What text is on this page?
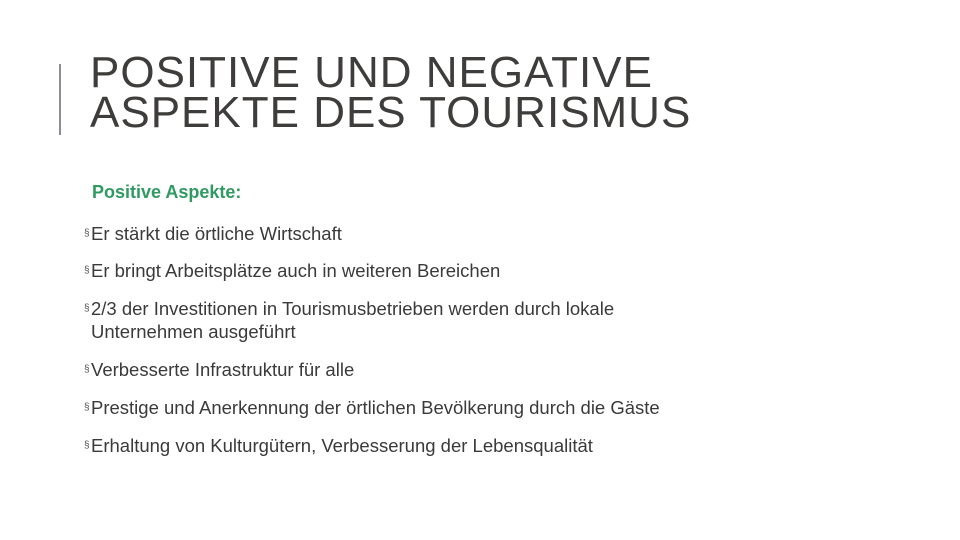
POSITIVE UND NEGATIVE
ASPEKTE DES TOURISMUS

Positive Aspekte:

§ Er stärkt die örtliche Wirtschaft
§ Er bringt Arbeitsplätze auch in weiteren Bereichen
§ 2/3 der Investitionen in Tourismusbetrieben werden durch lokale Unternehmen ausgeführt
§ Verbesserte Infrastruktur für alle
§ Prestige und Anerkennung der örtlichen Bevölkerung durch die Gäste
§ Erhaltung von Kulturgütern, Verbesserung der Lebensqualität
